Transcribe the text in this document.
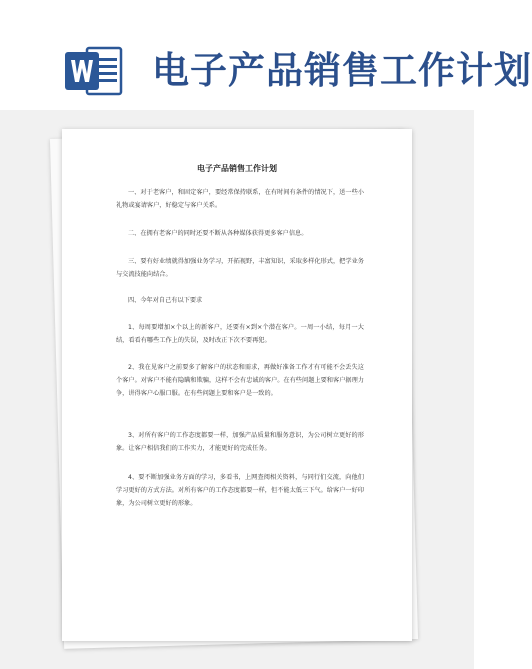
电子产品销售工作计划
电子产品销售工作计划

一、对于老客户，和固定客户，要经常保持联系，在有时间有条件的情况下，送一些小礼物或宴请客户，好稳定与客户关系。

二、在拥有老客户的同时还要不断从各种媒体获得更多客户信息。

三、要有好业绩就得加强业务学习，开拓视野，丰富知识，采取多样化形式，把学业务与交流技能向结合。

四、今年对自己有以下要求

1、每周要增加×个以上的新客户，还要有×到×个潜在客户。一周一小结，每月一大结，看看有哪些工作上的失误，及时改正下次不要再犯。

2、我在见客户之前要多了解客户的状态和需求，再做好准备工作才有可能不会丢失这个客户。对客户不能有隐瞒和欺骗，这样不会有忠诚的客户。在有些问题上要和客户据理力争，讲得客户心服口服。在有些问题上要和客户是一致的。

3、对所有客户的工作态度都要一样，加强产品质量和服务意识，为公司树立更好的形象。让客户相信我们的工作实力，才能更好的完成任务。

4、要不断加强业务方面的学习，多看书，上网查阅相关资料，与同行们交流，向他们学习更好的方式方法。对所有客户的工作态度都要一样，但不能太低三下气。给客户一好印象，为公司树立更好的形象。
